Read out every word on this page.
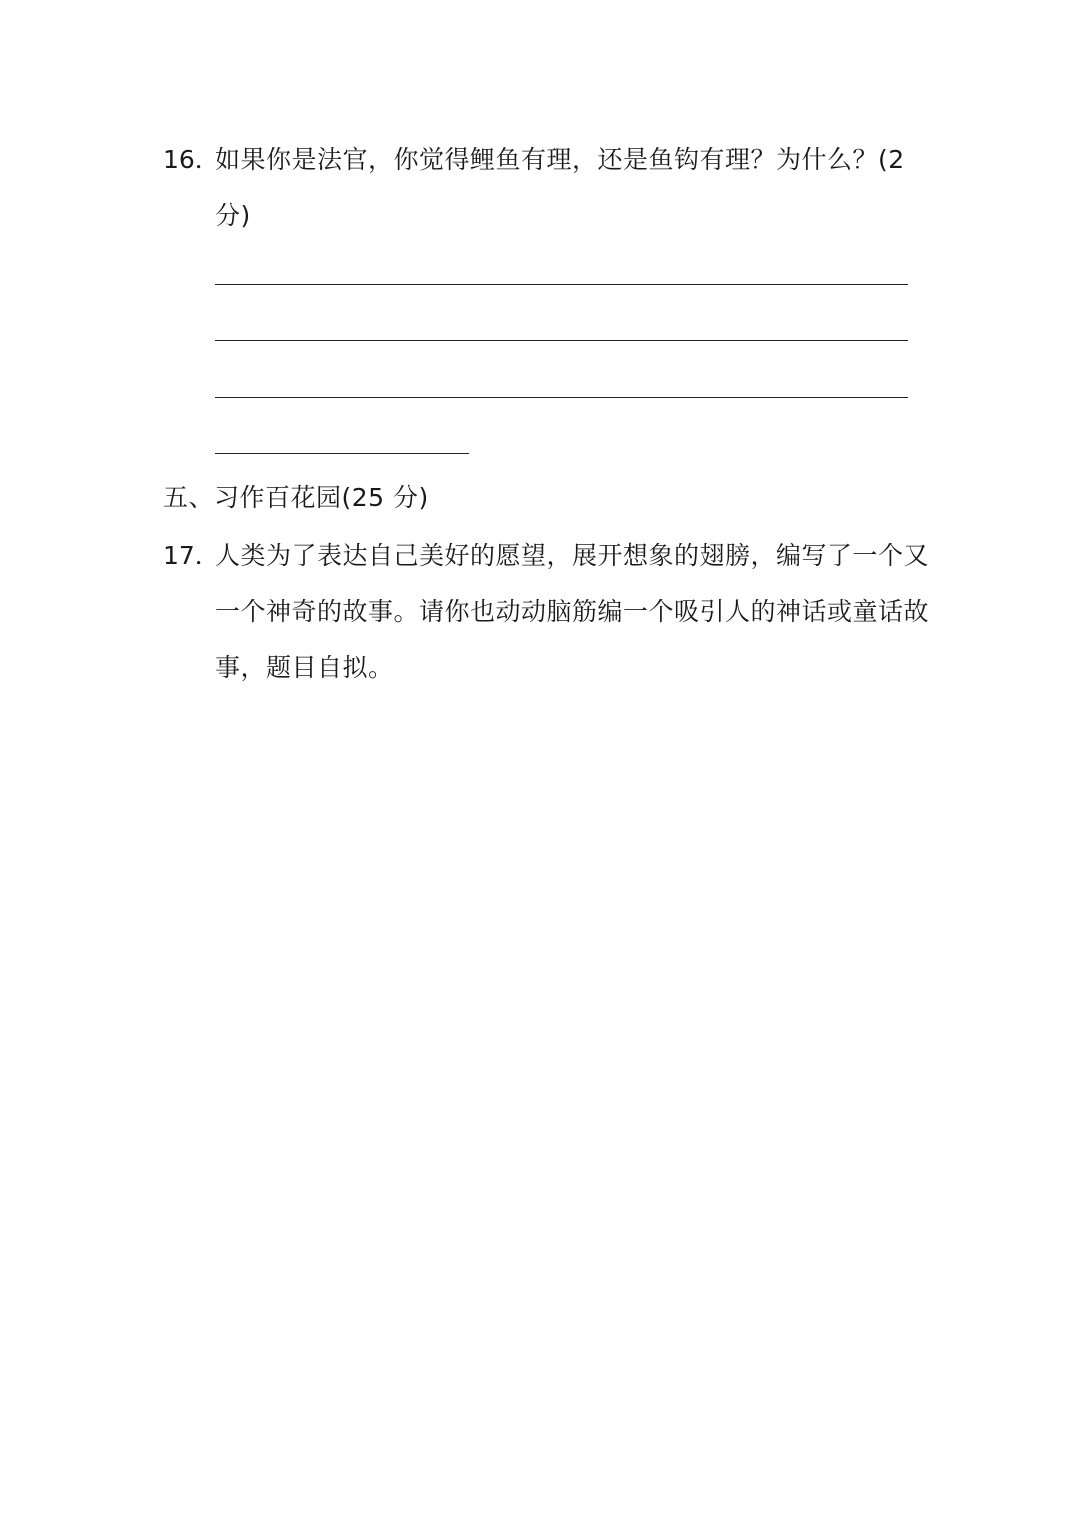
16．
如果你是法官，你觉得鲤鱼有理，还是鱼钩有理？为什么？(2
分)
五、习作百花园(25 分)
17．
人类为了表达自己美好的愿望，展开想象的翅膀，编写了一个又
一个神奇的故事。请你也动动脑筋编一个吸引人的神话或童话故
事，题目自拟。
